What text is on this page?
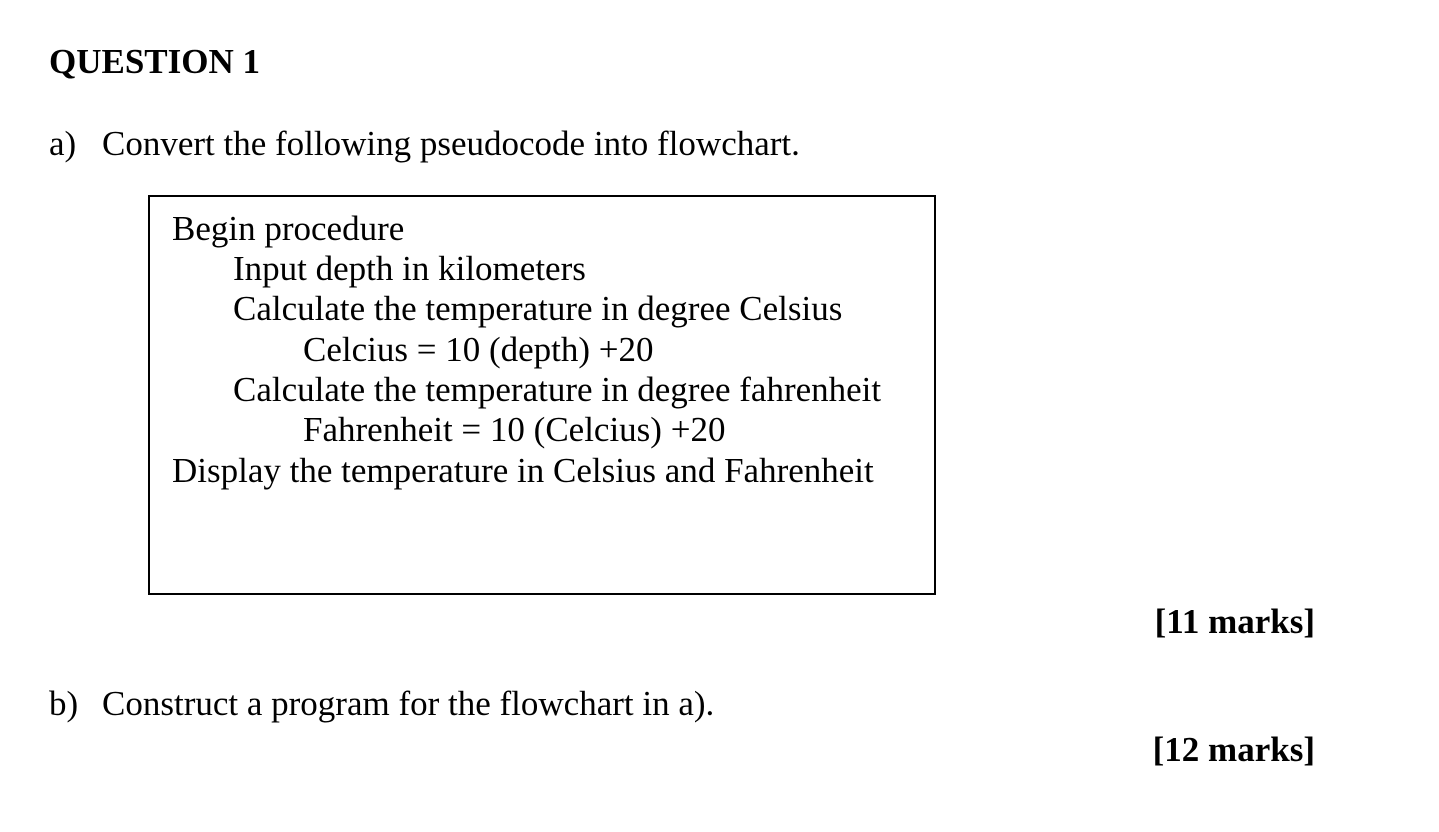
QUESTION 1
a) Convert the following pseudocode into flowchart.
Begin procedure
Input depth in kilometers
Calculate the temperature in degree Celsius
Celcius = 10 (depth) +20
Calculate the temperature in degree fahrenheit
Fahrenheit = 10 (Celcius) +20
Display the temperature in Celsius and Fahrenheit
[11 marks]
b) Construct a program for the flowchart in a).
[12 marks]
